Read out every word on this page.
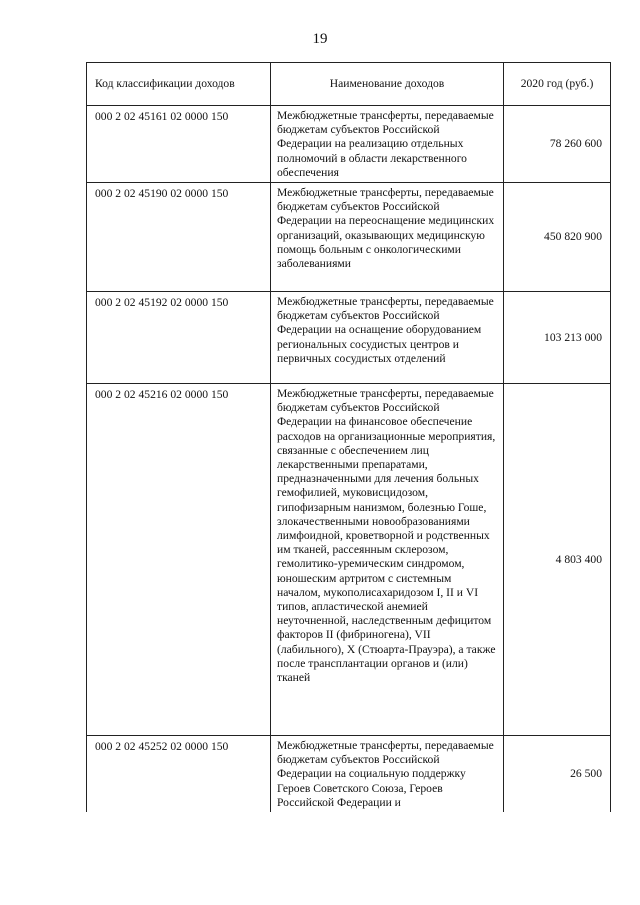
19
Код классификации доходов	Наименование доходов	2020 год (руб.)
000 2 02 45161 02 0000 150	Межбюджетные трансферты, передаваемые бюджетам субъектов Российской Федерации на реализацию отдельных полномочий в области лекарственного обеспечения	78 260 600
000 2 02 45190 02 0000 150	Межбюджетные трансферты, передаваемые бюджетам субъектов Российской Федерации на переоснащение медицинских организаций, оказывающих медицинскую помощь больным с онкологическими заболеваниями	450 820 900
000 2 02 45192 02 0000 150	Межбюджетные трансферты, передаваемые бюджетам субъектов Российской Федерации на оснащение оборудованием региональных сосудистых центров и первичных сосудистых отделений	103 213 000
000 2 02 45216 02 0000 150	Межбюджетные трансферты, передаваемые бюджетам субъектов Российской Федерации на финансовое обеспечение расходов на организационные мероприятия, связанные с обеспечением лиц лекарственными препаратами, предназначенными для лечения больных гемофилией, муковисцидозом, гипофизарным нанизмом, болезнью Гоше, злокачественными новообразованиями лимфоидной, кроветворной и родственных им тканей, рассеянным склерозом, гемолитико-уремическим синдромом, юношеским артритом с системным началом, мукополисахаридозом I, II и VI типов, апластической анемией неуточненной, наследственным дефицитом факторов II (фибриногена), VII (лабильного), X (Стюарта-Прауэра), а также после трансплантации органов и (или) тканей	4 803 400
000 2 02 45252 02 0000 150	Межбюджетные трансферты, передаваемые бюджетам субъектов Российской Федерации на социальную поддержку Героев Советского Союза, Героев Российской Федерации и	26 500
